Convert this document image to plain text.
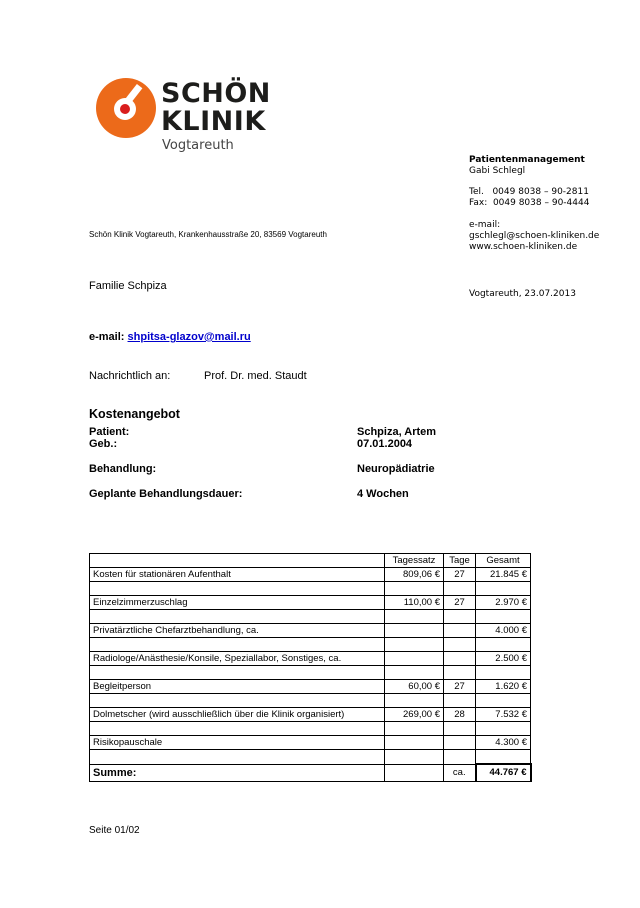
SCHÖN
KLINIK
Vogtareuth
Patientenmanagement
Gabi Schlegl
Tel.   0049 8038 – 90-2811
Fax:  0049 8038 – 90-4444
e-mail:
gschlegl@schoen-kliniken.de
www.schoen-kliniken.de
Schön Klinik Vogtareuth, Krankenhausstraße 20, 83569 Vogtareuth
Familie Schpiza
Vogtareuth, 23.07.2013
e-mail: shpitsa-glazov@mail.ru
Nachrichtlich an:	Prof. Dr. med. Staudt
Kostenangebot
Patient:	Schpiza, Artem
Geb.:	07.01.2004
Behandlung:	Neuropädiatrie
Geplante Behandlungsdauer:	4 Wochen
	Tagessatz	Tage	Gesamt
Kosten für stationären Aufenthalt	809,06 €	27	21.845 €

Einzelzimmerzuschlag	110,00 €	27	2.970 €

Privatärztliche Chefarztbehandlung, ca.			4.000 €

Radiologe/Anästhesie/Konsile, Speziallabor, Sonstiges, ca.			2.500 €

Begleitperson	60,00 €	27	1.620 €

Dolmetscher (wird ausschließlich über die Klinik organisiert)	269,00 €	28	7.532 €

Risikopauschale			4.300 €

Summe:		ca.	44.767 €
Seite 01/02
